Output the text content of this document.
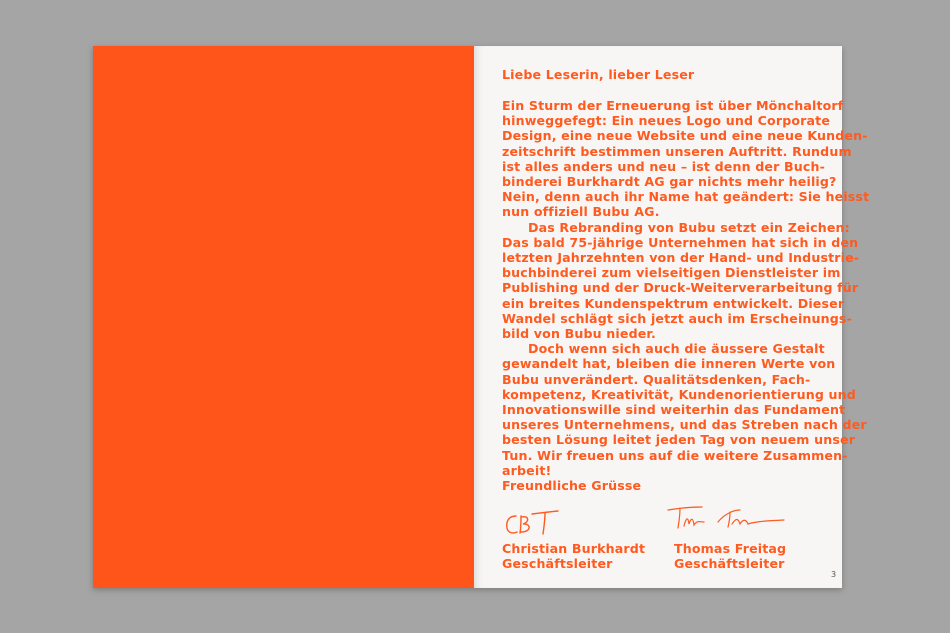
Liebe Leserin, lieber Leser
Ein Sturm der Erneuerung ist über Mönchaltorf
hinweggefegt: Ein neues Logo und Corporate
Design, eine neue Website und eine neue Kunden-
zeitschrift bestimmen unseren Auftritt. Rundum
ist alles anders und neu – ist denn der Buch-
binderei Burkhardt AG gar nichts mehr heilig?
Nein, denn auch ihr Name hat geändert: Sie heisst
nun offiziell Bubu AG.
Das Rebranding von Bubu setzt ein Zeichen:
Das bald 75-jährige Unternehmen hat sich in den
letzten Jahrzehnten von der Hand- und Industrie-
buchbinderei zum vielseitigen Dienstleister im
Publishing und der Druck-Weiterverarbeitung für
ein breites Kundenspektrum entwickelt. Dieser
Wandel schlägt sich jetzt auch im Erscheinungs-
bild von Bubu nieder.
Doch wenn sich auch die äussere Gestalt
gewandelt hat, bleiben die inneren Werte von
Bubu unverändert. Qualitätsdenken, Fach-
kompetenz, Kreativität, Kundenorientierung und
Innovationswille sind weiterhin das Fundament
unseres Unternehmens, und das Streben nach der
besten Lösung leitet jeden Tag von neuem unser
Tun. Wir freuen uns auf die weitere Zusammen-
arbeit!
Freundliche Grüsse
Christian Burkhardt
Geschäftsleiter
Thomas Freitag
Geschäftsleiter
3
